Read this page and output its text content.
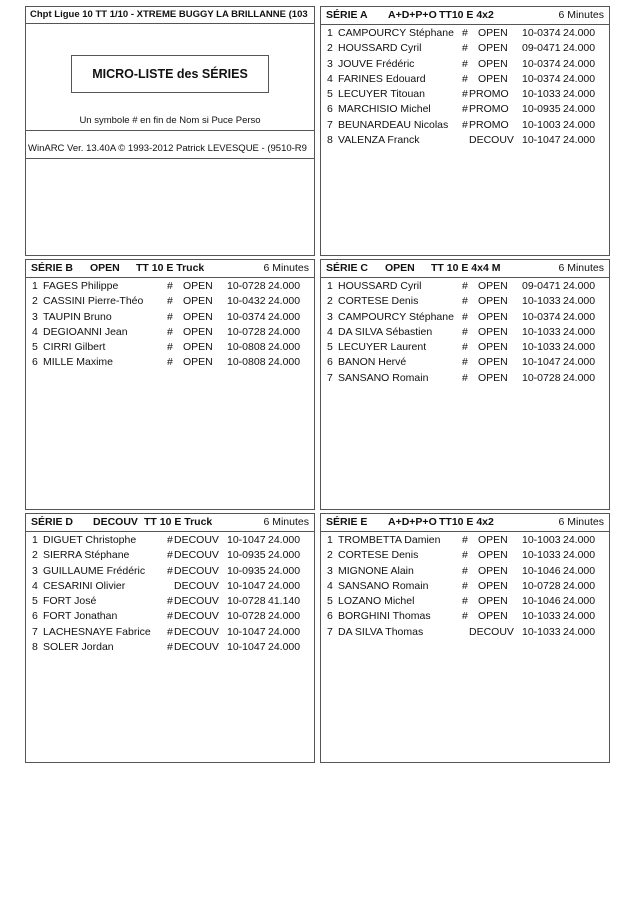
Chpt Ligue 10 TT 1/10 - XTREME BUGGY LA BRILLANNE (103
MICRO-LISTE des SÉRIES
Un symbole # en fin de Nom si Puce Perso
WinARC Ver. 13.40A © 1993-2012 Patrick LEVESQUE - (9510-R9
SÉRIE A A+D+P+O TT10 E 4x2	6 Minutes
1 CAMPOURCY Stéphane # OPEN 10-0374 24.000
2 HOUSSARD Cyril	# OPEN 09-0471 24.000
3 JOUVE Frédéric	# OPEN 10-0374 24.000
4 FARINES Edouard	# OPEN 10-0374 24.000
5 LECUYER Titouan	# PROMO 10-1033 24.000
6 MARCHISIO Michel	# PROMO 10-0935 24.000
7 BEUNARDEAU Nicolas # PROMO 10-1003 24.000
8 VALENZA Franck	DECOUV 10-1047 24.000
SÉRIE B OPEN TT 10 E Truck	6 Minutes
1 FAGES Philippe	# OPEN 10-0728 24.000
2 CASSINI Pierre-Théo # OPEN 10-0432 24.000
3 TAUPIN Bruno	# OPEN 10-0374 24.000
4 DEGIOANNI Jean	# OPEN 10-0728 24.000
5 CIRRI Gilbert	# OPEN 10-0808 24.000
6 MILLE Maxime	# OPEN 10-0808 24.000
SÉRIE C OPEN TT 10 E 4x4 M	6 Minutes
1 HOUSSARD Cyril	# OPEN 09-0471 24.000
2 CORTESE Denis	# OPEN 10-1033 24.000
3 CAMPOURCY Stéphane # OPEN 10-0374 24.000
4 DA SILVA Sébastien	# OPEN 10-1033 24.000
5 LECUYER Laurent	# OPEN 10-1033 24.000
6 BANON Hervé	# OPEN 10-1047 24.000
7 SANSANO Romain	# OPEN 10-0728 24.000
SÉRIE D DECOUV TT 10 E Truck	6 Minutes
1 DIGUET Christophe	# DECOUV 10-1047 24.000
2 SIERRA Stéphane	# DECOUV 10-0935 24.000
3 GUILLAUME Frédéric # DECOUV 10-0935 24.000
4 CESARINI Olivier	DECOUV 10-1047 24.000
5 FORT José	# DECOUV 10-0728 41.140
6 FORT Jonathan	# DECOUV 10-0728 24.000
7 LACHESNAYE Fabrice # DECOUV 10-1047 24.000
8 SOLER Jordan	# DECOUV 10-1047 24.000
SÉRIE E A+D+P+O TT10 E 4x2	6 Minutes
1 TROMBETTA Damien # OPEN 10-1003 24.000
2 CORTESE Denis	# OPEN 10-1033 24.000
3 MIGNONE Alain	# OPEN 10-1046 24.000
4 SANSANO Romain	# OPEN 10-0728 24.000
5 LOZANO Michel	# OPEN 10-1046 24.000
6 BORGHINI Thomas	# OPEN 10-1033 24.000
7 DA SILVA Thomas	DECOUV 10-1033 24.000
